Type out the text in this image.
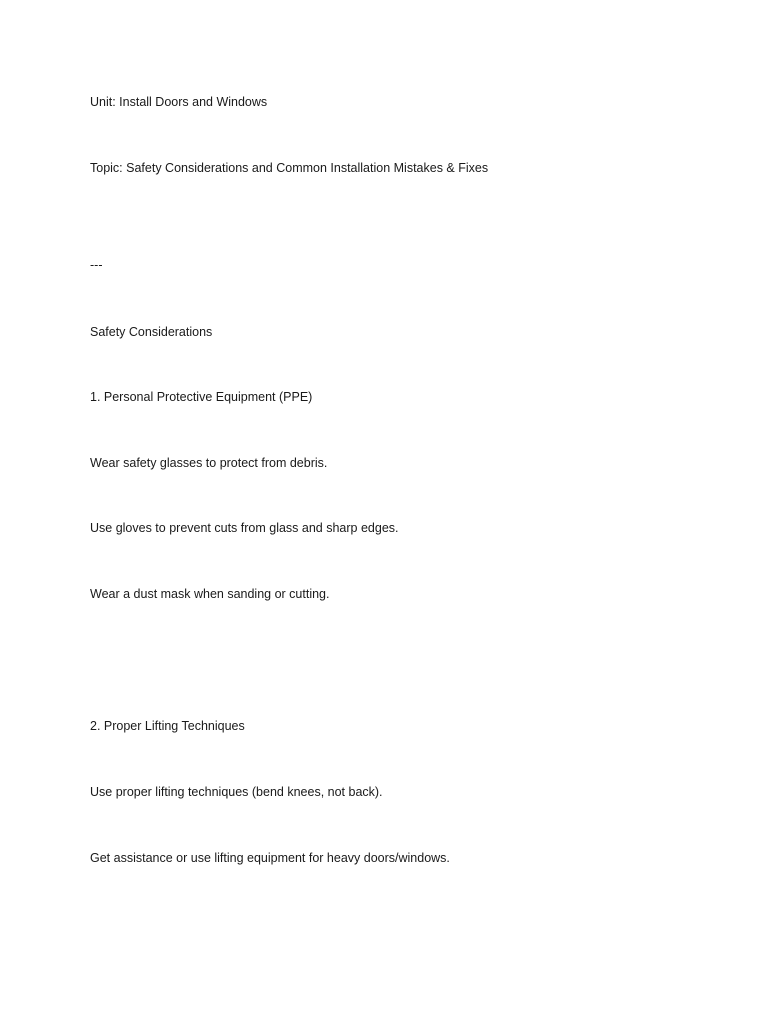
Unit: Install Doors and Windows

Topic: Safety Considerations and Common Installation Mistakes & Fixes

---

Safety Considerations

1. Personal Protective Equipment (PPE)

Wear safety glasses to protect from debris.

Use gloves to prevent cuts from glass and sharp edges.

Wear a dust mask when sanding or cutting.

2. Proper Lifting Techniques

Use proper lifting techniques (bend knees, not back).

Get assistance or use lifting equipment for heavy doors/windows.
